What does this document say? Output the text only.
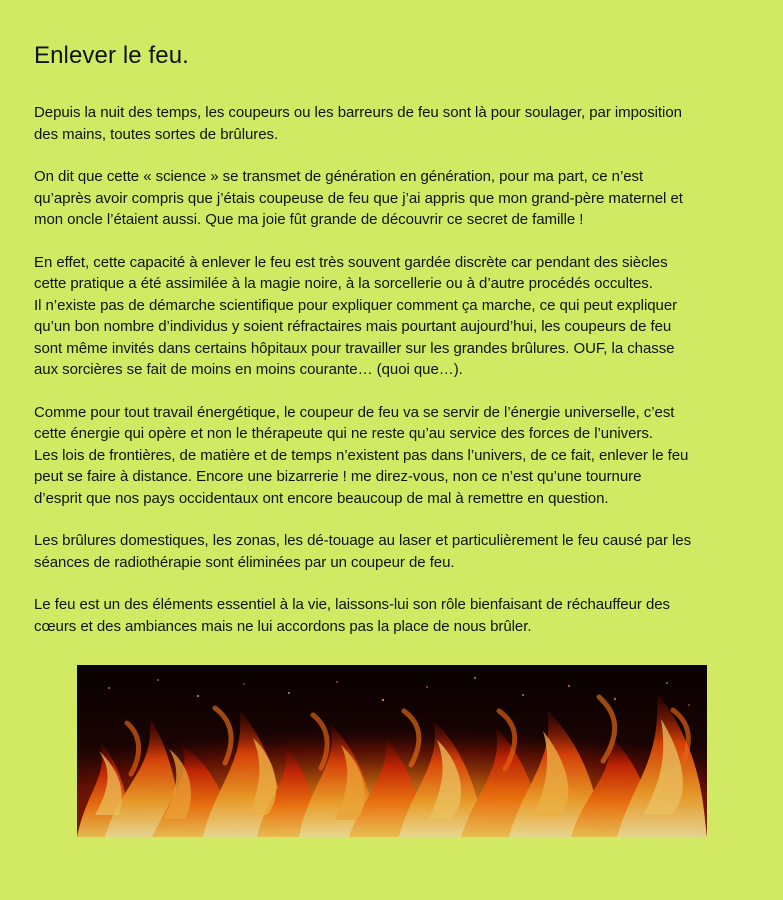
Enlever le feu.

Depuis la nuit des temps, les coupeurs ou les barreurs de feu sont là pour soulager, par imposition
des mains, toutes sortes de brûlures.

On dit que cette « science » se transmet de génération en génération, pour ma part, ce n’est
qu’après avoir compris que j’étais coupeuse de feu que j’ai appris que mon grand-père maternel et
mon oncle l’étaient aussi. Que ma joie fût grande de découvrir ce secret de famille !

En effet, cette capacité à enlever le feu est très souvent gardée discrète car pendant des siècles
cette pratique a été assimilée à la magie noire, à la sorcellerie ou à d’autre procédés occultes.
Il n’existe pas de démarche scientifique pour expliquer comment ça marche, ce qui peut expliquer
qu’un bon nombre d’individus y soient réfractaires mais pourtant aujourd’hui, les coupeurs de feu
sont même invités dans certains hôpitaux pour travailler sur les grandes brûlures. OUF, la chasse
aux sorcières se fait de moins en moins courante… (quoi que…).

Comme pour tout travail énergétique, le coupeur de feu va se servir de l’énergie universelle, c’est
cette énergie qui opère et non le thérapeute qui ne reste qu’au service des forces de l’univers.
Les lois de frontières, de matière et de temps n’existent pas dans l’univers, de ce fait, enlever le feu
peut se faire à distance. Encore une bizarrerie ! me direz-vous, non ce n’est qu’une tournure
d’esprit que nos pays occidentaux ont encore beaucoup de mal à remettre en question.

Les brûlures domestiques, les zonas, les dé-touage au laser et particulièrement le feu causé par les
séances de radiothérapie sont éliminées par un coupeur de feu.

Le feu est un des éléments essentiel à la vie, laissons-lui son rôle bienfaisant de réchauffeur des
cœurs et des ambiances mais ne lui accordons pas la place de nous brûler.
